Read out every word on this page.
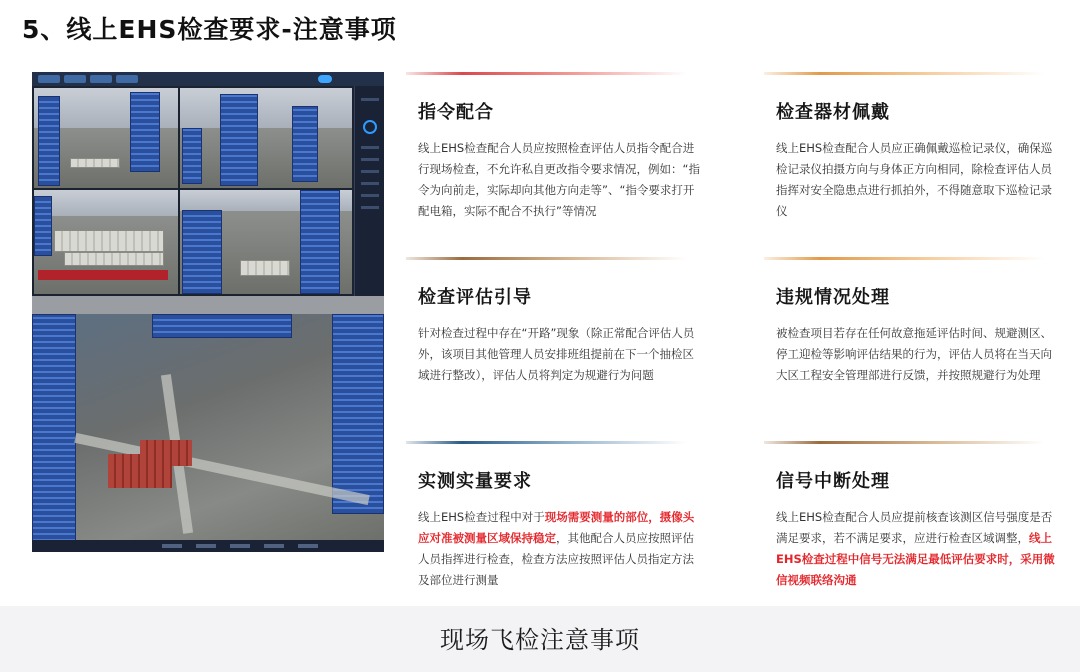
5、线上EHS检查要求-注意事项
指令配合
线上EHS检查配合人员应按照检查评估人员指令配合进行现场检查，不允许私自更改指令要求情况，例如：“指令为向前走，实际却向其他方向走等”、“指令要求打开配电箱，实际不配合不执行”等情况
检查器材佩戴
线上EHS检查配合人员应正确佩戴巡检记录仪，确保巡检记录仪拍摄方向与身体正方向相同，除检查评估人员指挥对安全隐患点进行抓拍外，不得随意取下巡检记录仪
检查评估引导
针对检查过程中存在“开路”现象（除正常配合评估人员外，该项目其他管理人员安排班组提前在下一个抽检区域进行整改），评估人员将判定为规避行为问题
违规情况处理
被检查项目若存在任何故意拖延评估时间、规避测区、停工迎检等影响评估结果的行为，评估人员将在当天向大区工程安全管理部进行反馈，并按照规避行为处理
实测实量要求
线上EHS检查过程中对于现场需要测量的部位，摄像头应对准被测量区域保持稳定，其他配合人员应按照评估人员指挥进行检查，检查方法应按照评估人员指定方法及部位进行测量
信号中断处理
线上EHS检查配合人员应提前核查该测区信号强度是否满足要求，若不满足要求，应进行检查区域调整，线上EHS检查过程中信号无法满足最低评估要求时，采用微信视频联络沟通
现场飞检注意事项
